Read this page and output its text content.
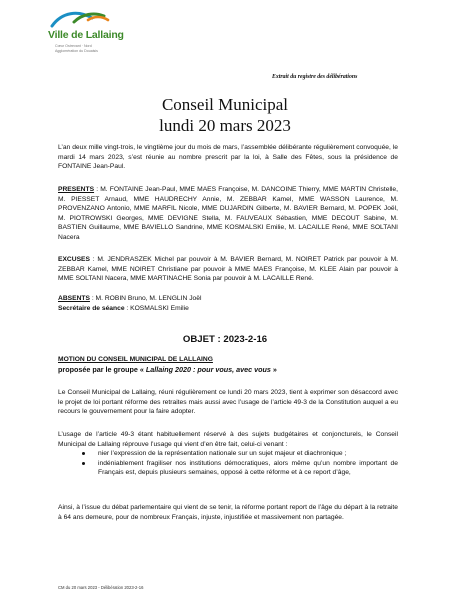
Ville de Lallaing
Cœur Ostrevant · Nord
Agglomération du Douaisis
Extrait du registre des délibérations
Conseil Municipal
lundi 20 mars 2023
L’an deux mille vingt-trois, le vingtième jour du mois de mars, l’assemblée délibérante régulièrement convoquée, le mardi 14 mars 2023, s’est réunie au nombre prescrit par la loi, à Salle des Fêtes, sous la présidence de FONTAINE Jean-Paul.
PRESENTS : M. FONTAINE Jean-Paul, MME MAES Françoise, M. DANCOINE Thierry, MME MARTIN Christelle, M. PIESSET Arnaud, MME HAUDRECHY Annie, M. ZEBBAR Kamel, MME WASSON Laurence, M. PROVENZANO Antonio, MME MARFIL Nicole, MME DUJARDIN Gilberte, M. BAVIER Bernard, M. POPEK Joël, M. PIOTROWSKI Georges, MME DEVIGNE Stella, M. FAUVEAUX Sébastien, MME DECOUT Sabine, M. BASTIEN Guillaume, MME BAVIELLO Sandrine, MME KOSMALSKI Emilie, M. LACAILLE René, MME SOLTANI Nacera
EXCUSES : M. JENDRASZEK Michel par pouvoir à M. BAVIER Bernard, M. NOIRET Patrick par pouvoir à M. ZEBBAR Kamel, MME NOIRET Christiane par pouvoir à MME MAES Françoise, M. KLEE Alain par pouvoir à MME SOLTANI Nacera, MME MARTINACHE Sonia par pouvoir à M. LACAILLE René.
ABSENTS : M. ROBIN Bruno, M. LENGLIN Joël
Secrétaire de séance : KOSMALSKI Emilie
OBJET : 2023-2-16
MOTION DU CONSEIL MUNICIPAL DE LALLAING
proposée par le groupe « Lallaing 2020 : pour vous, avec vous »
Le Conseil Municipal de Lallaing, réuni régulièrement ce lundi 20 mars 2023, tient à exprimer son désaccord avec le projet de loi portant réforme des retraites mais aussi avec l’usage de l’article 49-3 de la Constitution auquel a eu recours le gouvernement pour la faire adopter.
L’usage de l’article 49-3 étant habituellement réservé à des sujets budgétaires et conjoncturels, le Conseil Municipal de Lallaing réprouve l’usage qui vient d’en être fait, celui-ci venant :
nier l’expression de la représentation nationale sur un sujet majeur et diachronique ;
indéniablement fragiliser nos institutions démocratiques, alors même qu’un nombre important de Français est, depuis plusieurs semaines, opposé à cette réforme et à ce report d’âge,
Ainsi, à l’issue du débat parlementaire qui vient de se tenir, la réforme portant report de l’âge du départ à la retraite à 64 ans demeure, pour de nombreux Français, injuste, injustifiée et massivement non partagée.
CM du 20 mars 2023 - Délibération 2023-2-16
